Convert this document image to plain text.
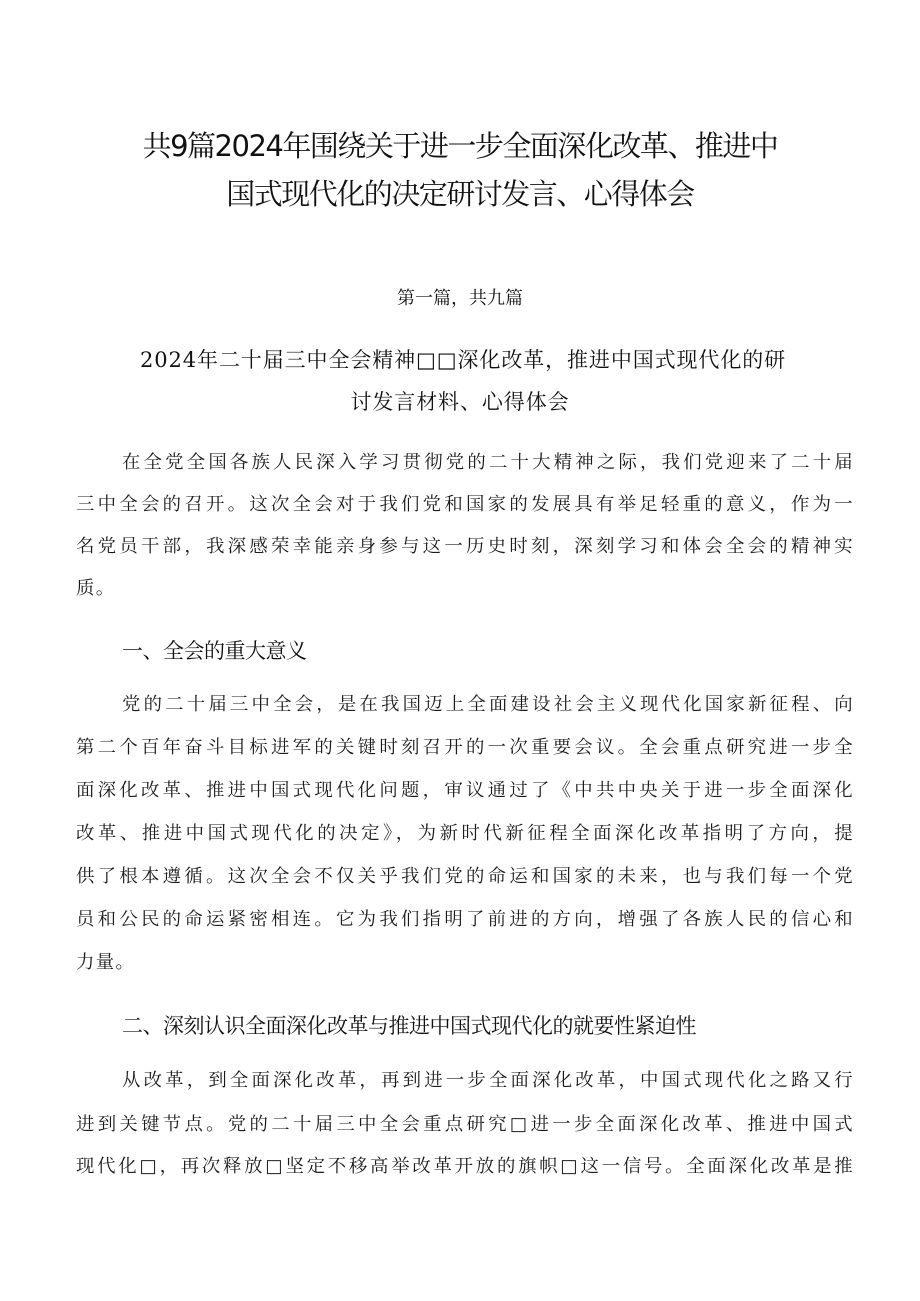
共9篇2024年围绕关于进一步全面深化改革、推进中
国式现代化的决定研讨发言、心得体会
第一篇，共九篇
2024年二十届三中全会精神□□深化改革，推进中国式现代化的研
讨发言材料、心得体会
在全党全国各族人民深入学习贯彻党的二十大精神之际，我们党迎来了二十届
三中全会的召开。这次全会对于我们党和国家的发展具有举足轻重的意义，作为一
名党员干部，我深感荣幸能亲身参与这一历史时刻，深刻学习和体会全会的精神实
质。
一、全会的重大意义
党的二十届三中全会，是在我国迈上全面建设社会主义现代化国家新征程、向
第二个百年奋斗目标进军的关键时刻召开的一次重要会议。全会重点研究进一步全
面深化改革、推进中国式现代化问题，审议通过了《中共中央关于进一步全面深化
改革、推进中国式现代化的决定》，为新时代新征程全面深化改革指明了方向，提
供了根本遵循。这次全会不仅关乎我们党的命运和国家的未来，也与我们每一个党
员和公民的命运紧密相连。它为我们指明了前进的方向，增强了各族人民的信心和
力量。
二、深刻认识全面深化改革与推进中国式现代化的就要性紧迫性
从改革，到全面深化改革，再到进一步全面深化改革，中国式现代化之路又行
进到关键节点。党的二十届三中全会重点研究□进一步全面深化改革、推进中国式
现代化□，再次释放□坚定不移高举改革开放的旗帜□这一信号。全面深化改革是推
